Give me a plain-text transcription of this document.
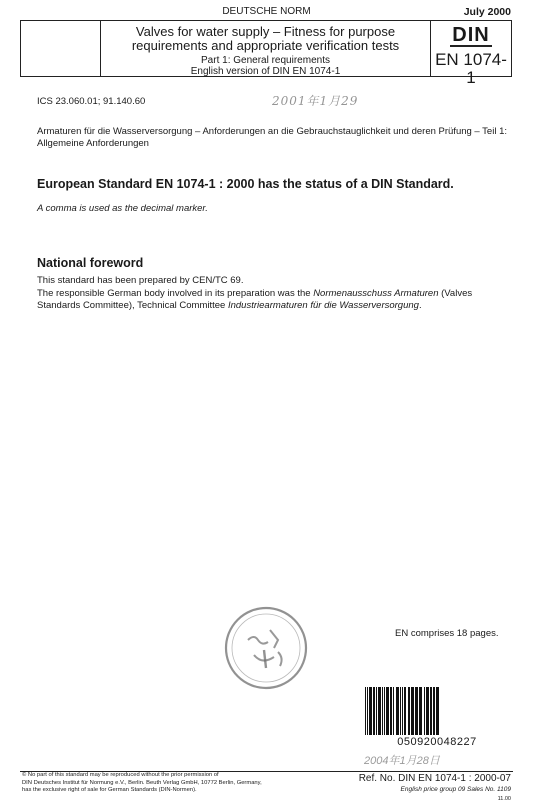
DEUTSCHE NORM	July 2000
Valves for water supply – Fitness for purpose
requirements and appropriate verification tests
Part 1: General requirements
English version of DIN EN 1074-1
DIN
EN 1074-1
ICS 23.060.01; 91.140.60	2001年1月29
Armaturen für die Wasserversorgung – Anforderungen an die Gebrauchstauglichkeit und deren Prüfung – Teil 1: Allgemeine Anforderungen
European Standard EN 1074-1 : 2000 has the status of a DIN Standard.
A comma is used as the decimal marker.
National foreword
This standard has been prepared by CEN/TC 69.
The responsible German body involved in its preparation was the Normenausschuss Armaturen (Valves Standards Committee), Technical Committee Industriearmaturen für die Wasserversorgung.
EN comprises 18 pages.
050920048227
2004年1月28日
© No part of this standard may be reproduced without the prior permission of
DIN Deutsches Institut für Normung e.V., Berlin. Beuth Verlag GmbH, 10772 Berlin, Germany,
has the exclusive right of sale for German Standards (DIN-Normen).
Ref. No. DIN EN 1074-1 : 2000-07
English price group 09 Sales No. 1109
11.00
